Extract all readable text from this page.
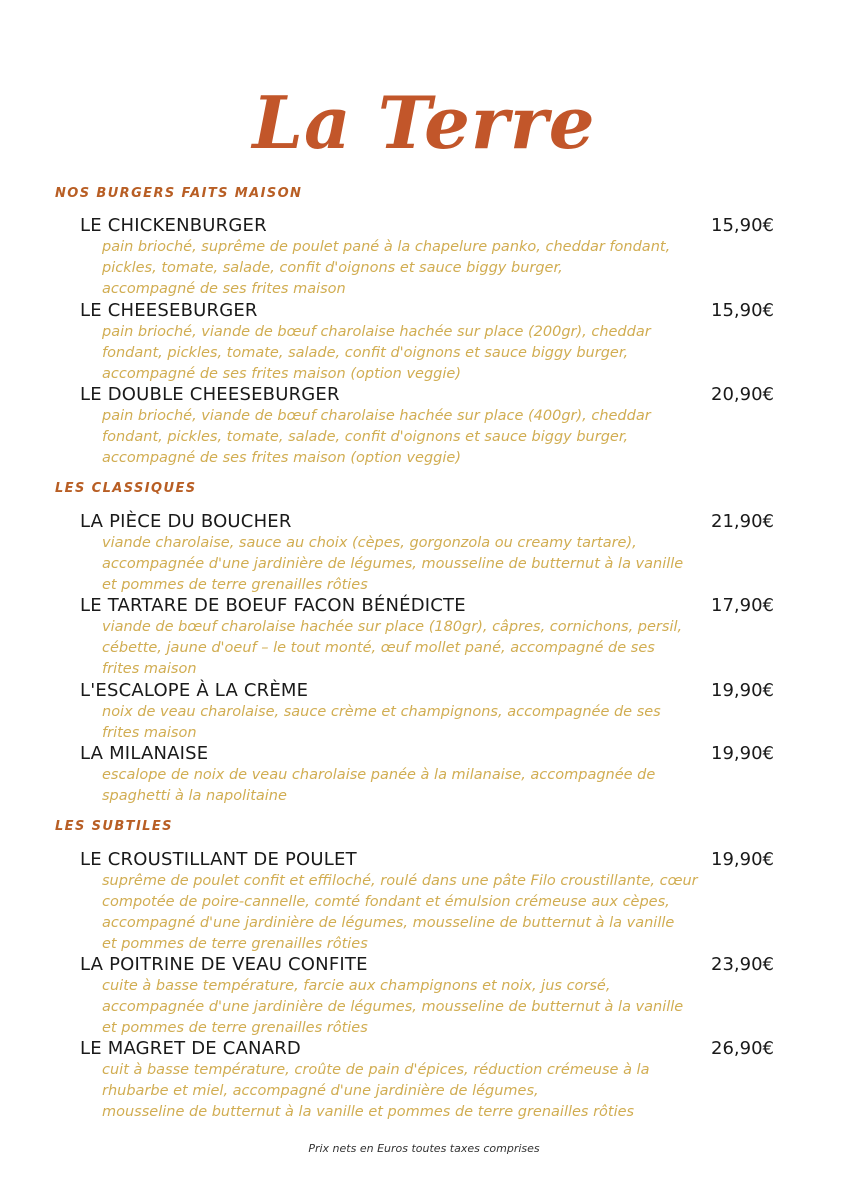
La Terre
NOS BURGERS FAITS MAISON
LE CHICKENBURGER	15,90€
pain brioché, suprême de poulet pané à la chapelure panko, cheddar fondant,
pickles, tomate, salade, confit d'oignons et sauce biggy burger,
accompagné de ses frites maison
LE CHEESEBURGER	15,90€
pain brioché, viande de bœuf charolaise hachée sur place (200gr), cheddar
fondant, pickles, tomate, salade, confit d'oignons et sauce biggy burger,
accompagné de ses frites maison (option veggie)
LE DOUBLE CHEESEBURGER	20,90€
pain brioché, viande de bœuf charolaise hachée sur place (400gr), cheddar
fondant, pickles, tomate, salade, confit d'oignons et sauce biggy burger,
accompagné de ses frites maison (option veggie)
LES CLASSIQUES
LA PIÈCE DU BOUCHER	21,90€
viande charolaise, sauce au choix (cèpes, gorgonzola ou creamy tartare),
accompagnée d'une jardinière de légumes, mousseline de butternut à la vanille
et pommes de terre grenailles rôties
LE TARTARE DE BOEUF FACON BÉNÉDICTE	17,90€
viande de bœuf charolaise hachée sur place (180gr), câpres, cornichons, persil,
cébette, jaune d'oeuf – le tout monté, œuf mollet pané, accompagné de ses
frites maison
L'ESCALOPE À LA CRÈME	19,90€
noix de veau charolaise, sauce crème et champignons, accompagnée de ses
frites maison
LA MILANAISE	19,90€
escalope de noix de veau charolaise panée à la milanaise, accompagnée de
spaghetti à la napolitaine
LES SUBTILES
LE CROUSTILLANT DE POULET	19,90€
suprême de poulet confit et effiloché, roulé dans une pâte Filo croustillante, cœur
compotée de poire-cannelle, comté fondant et émulsion crémeuse aux cèpes,
accompagné d'une jardinière de légumes, mousseline de butternut à la vanille
et pommes de terre grenailles rôties
LA POITRINE DE VEAU CONFITE	23,90€
cuite à basse température, farcie aux champignons et noix, jus corsé,
accompagnée d'une jardinière de légumes, mousseline de butternut à la vanille
et pommes de terre grenailles rôties
LE MAGRET DE CANARD	26,90€
cuit à basse température, croûte de pain d'épices, réduction crémeuse à la
rhubarbe et miel, accompagné d'une jardinière de légumes,
mousseline de butternut à la vanille et pommes de terre grenailles rôties
Prix nets en Euros toutes taxes comprises
